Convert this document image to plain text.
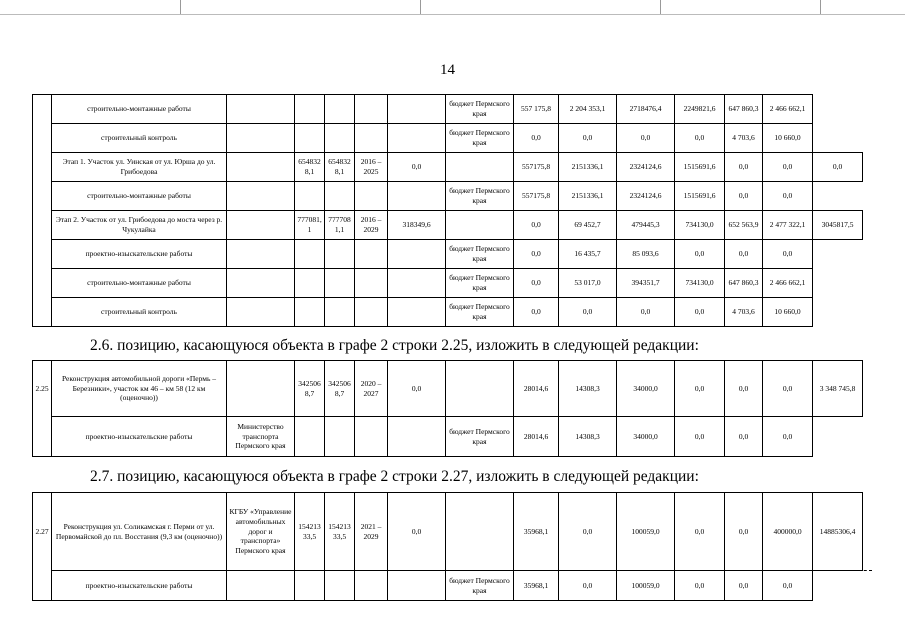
14
	строительно-монтажные работы						бюджет Пермского края	557 175,8	2 204 353,1	2718476,4	2249821,6	647 860,3	2 466 662,1	
	строительный контроль						бюджет Пермского края	0,0	0,0	0,0	0,0	4 703,6	10 660,0	
	Этап 1. Участок ул. Уинская от ул. Юрша до ул. Грибоедова		654832 8,1	654832 8,1	2016 – 2025	0,0		557175,8	2151336,1	2324124,6	1515691,6	0,0	0,0	0,0
	строительно-монтажные работы						бюджет Пермского края	557175,8	2151336,1	2324124,6	1515691,6	0,0	0,0	
	Этап 2. Участок от ул. Грибоедова до моста через р. Чукулайка		777081, 1	777708 1,1	2016 – 2029	318349,6		0,0	69 452,7	479445,3	734130,0	652 563,9	2 477 322,1	3045817,5
	проектно-изыскательские работы						бюджет Пермского края	0,0	16 435,7	85 093,6	0,0	0,0	0,0	
	строительно-монтажные работы						бюджет Пермского края	0,0	53 017,0	394351,7	734130,0	647 860,3	2 466 662,1	
	строительный контроль						бюджет Пермского края	0,0	0,0	0,0	0,0	4 703,6	10 660,0	
2.6. позицию, касающуюся объекта в графе 2 строки 2.25, изложить в следующей редакции:
2.25	Реконструкция автомобильной дороги «Пермь – Березники», участок км 46 – км 58 (12 км (оценочно))		342506 8,7	342506 8,7	2020 – 2027	0,0		28014,6	14308,3	34000,0	0,0	0,0	0,0	3 348 745,8
	проектно-изыскательские работы	Министерство транспорта Пермского края					бюджет Пермского края	28014,6	14308,3	34000,0	0,0	0,0	0,0	
2.7. позицию, касающуюся объекта в графе 2 строки 2.27, изложить в следующей редакции:
2.27	Реконструкция ул. Соликамская г. Перми от ул. Первомайской до пл. Восстания (9,3 км (оценочно))	КГБУ «Управление автомобильных дорог и транспорта» Пермского края	154213 33,5	154213 33,5	2021 – 2029	0,0		35968,1	0,0	100059,0	0,0	0,0	400000,0	14885306,4
	проектно-изыскательские работы						бюджет Пермского края	35968,1	0,0	100059,0	0,0	0,0	0,0	
